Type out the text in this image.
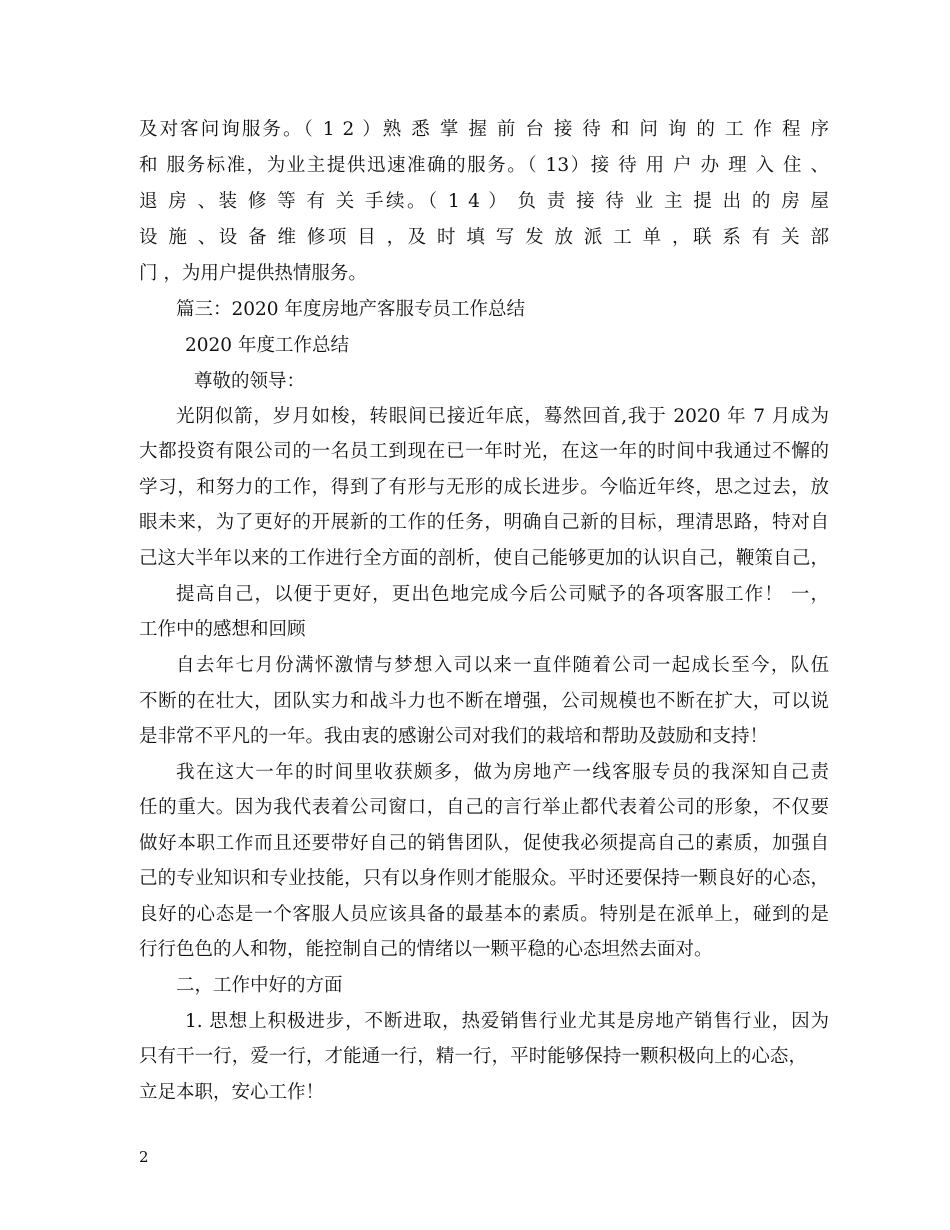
及对客问询服务。（ 1 2 ）熟 悉 掌 握 前 台 接 待 和 问 询 的 工 作 程 序
和 服务标准，为业主提供迅速准确的服务。（ 13）接 待 用 户 办 理 入 住 、
退 房 、装 修 等 有 关 手续。（ 1 4 ） 负 责 接 待 业 主 提 出 的 房 屋
设 施 、设 备 维 修项 目 ，及 时 填 写 发 放 派 工 单 ，联 系 有 关 部
门 ，为用户提供热情服务。
篇三：2020 年度房地产客服专员工作总结
2020 年度工作总结
尊敬的领导：
光阴似箭，岁月如梭，转眼间已接近年底，蓦然回首,我于 2020 年 7 月成为
大都投资有限公司的一名员工到现在已一年时光，在这一年的时间中我通过不懈的
学习，和努力的工作，得到了有形与无形的成长进步。今临近年终，思之过去，放
眼未来，为了更好的开展新的工作的任务，明确自己新的目标，理清思路，特对自
己这大半年以来的工作进行全方面的剖析，使自己能够更加的认识自己，鞭策自己，
提高自己，以便于更好，更出色地完成今后公司赋予的各项客服工作！ 一，
工作中的感想和回顾
自去年七月份满怀激情与梦想入司以来一直伴随着公司一起成长至今，队伍
不断的在壮大，团队实力和战斗力也不断在增强，公司规模也不断在扩大，可以说
是非常不平凡的一年。我由衷的感谢公司对我们的栽培和帮助及鼓励和支持！
我在这大一年的时间里收获颇多，做为房地产一线客服专员的我深知自己责
任的重大。因为我代表着公司窗口，自己的言行举止都代表着公司的形象，不仅要
做好本职工作而且还要带好自己的销售团队，促使我必须提高自己的素质，加强自
己的专业知识和专业技能，只有以身作则才能服众。平时还要保持一颗良好的心态，
良好的心态是一个客服人员应该具备的最基本的素质。特别是在派单上，碰到的是
行行色色的人和物，能控制自己的情绪以一颗平稳的心态坦然去面对。
二，工作中好的方面
1. 思想上积极进步，不断进取，热爱销售行业尤其是房地产销售行业，因为
只有干一行，爱一行，才能通一行，精一行，平时能够保持一颗积极向上的心态，
立足本职，安心工作！
2
